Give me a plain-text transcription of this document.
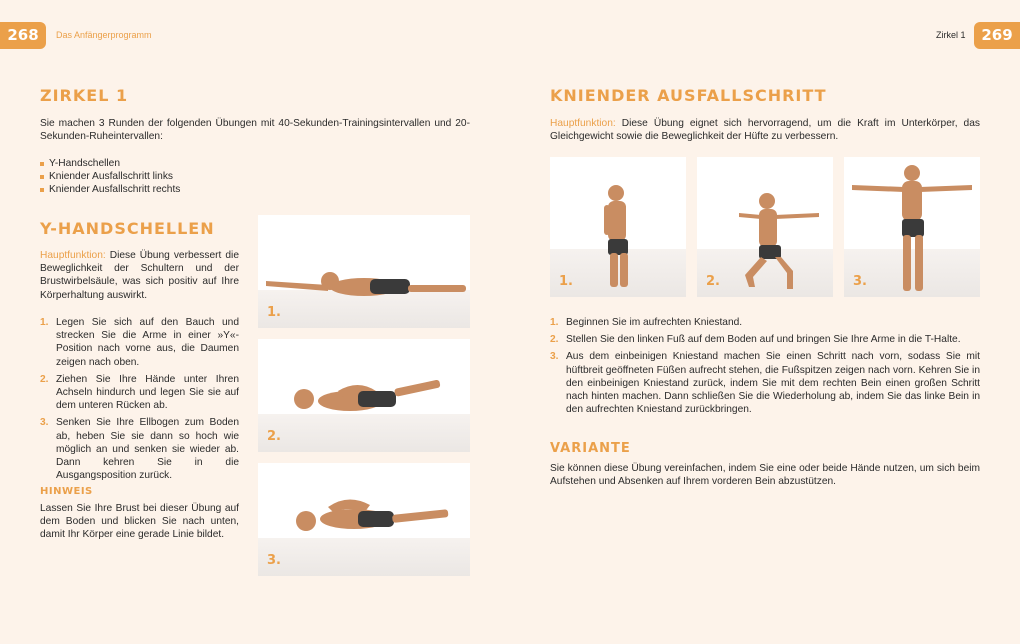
268	Das Anfängerprogramm	Zirkel 1	269
ZIRKEL 1
Sie machen 3 Runden der folgenden Übungen mit 40-Sekunden-Trainingsintervallen und 20-Sekunden-Ruheintervallen:
Y-Handschellen
Kniender Ausfallschritt links
Kniender Ausfallschritt rechts
Y-HANDSCHELLEN
Hauptfunktion: Diese Übung verbessert die Beweglichkeit der Schultern und der Brustwirbelsäule, was sich positiv auf Ihre Körperhaltung auswirkt.
1. Legen Sie sich auf den Bauch und strecken Sie die Arme in einer »Y«-Position nach vorne aus, die Daumen zeigen nach oben.
2. Ziehen Sie Ihre Hände unter Ihren Achseln hindurch und legen Sie sie auf dem unteren Rücken ab.
3. Senken Sie Ihre Ellbogen zum Boden ab, heben Sie sie dann so hoch wie möglich an und senken sie wieder ab. Dann kehren Sie in die Ausgangsposition zurück.
HINWEIS
Lassen Sie Ihre Brust bei dieser Übung auf dem Boden und blicken Sie nach unten, damit Ihr Körper eine gerade Linie bildet.
1.
2.
3.
KNIENDER AUSFALLSCHRITT
Hauptfunktion: Diese Übung eignet sich hervorragend, um die Kraft im Unterkörper, das Gleichgewicht sowie die Beweglichkeit der Hüfte zu verbessern.
1.	2.	3.
1. Beginnen Sie im aufrechten Kniestand.
2. Stellen Sie den linken Fuß auf dem Boden auf und bringen Sie Ihre Arme in die T-Halte.
3. Aus dem einbeinigen Kniestand machen Sie einen Schritt nach vorn, sodass Sie mit hüftbreit geöffneten Füßen aufrecht stehen, die Fußspitzen zeigen nach vorn. Kehren Sie in den einbeinigen Kniestand zurück, indem Sie mit dem rechten Bein einen großen Schritt nach hinten machen. Dann schließen Sie die Wiederholung ab, indem Sie das linke Bein in den aufrechten Kniestand zurückbringen.
VARIANTE
Sie können diese Übung vereinfachen, indem Sie eine oder beide Hände nutzen, um sich beim Aufstehen und Absenken auf Ihrem vorderen Bein abzustützen.
